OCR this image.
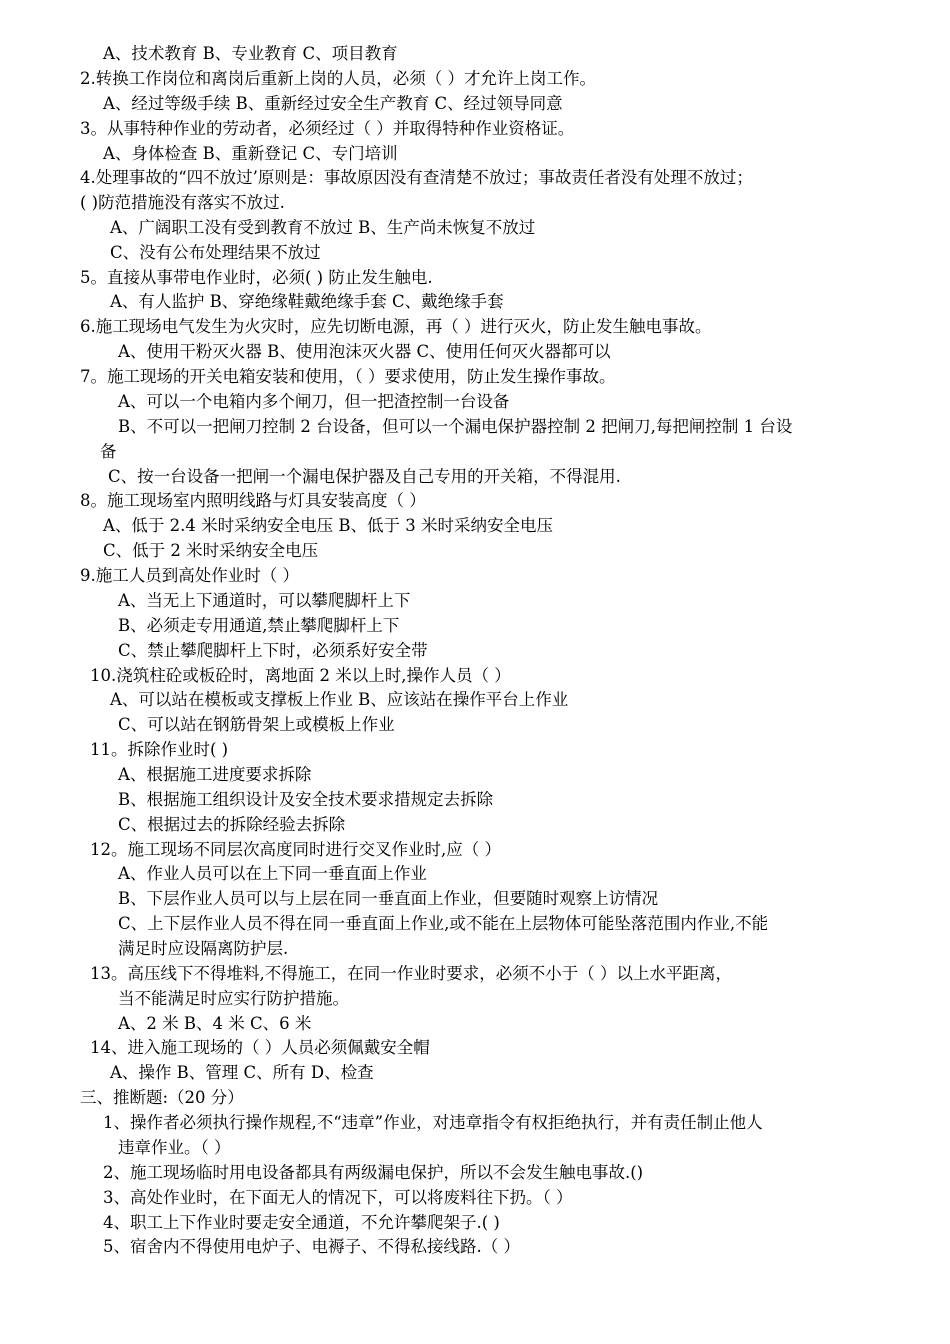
A、技术教育 B、专业教育 C、项目教育
2.转换工作岗位和离岗后重新上岗的人员，必须（ ）才允许上岗工作。
A、经过等级手续 B、重新经过安全生产教育 C、经过领导同意
3。从事特种作业的劳动者，必须经过（ ）并取得特种作业资格证。
A、身体检查 B、重新登记 C、专门培训
4.处理事故的“四不放过’原则是：事故原因没有查清楚不放过；事故责任者没有处理不放过；
( )防范措施没有落实不放过.
A、广阔职工没有受到教育不放过 B、生产尚未恢复不放过
C、没有公布处理结果不放过
5。直接从事带电作业时，必须( ) 防止发生触电.
A、有人监护 B、穿绝缘鞋戴绝缘手套 C、戴绝缘手套
6.施工现场电气发生为火灾时，应先切断电源，再（ ）进行灭火，防止发生触电事故。
A、使用干粉灭火器 B、使用泡沫灭火器 C、使用任何灭火器都可以
7。施工现场的开关电箱安装和使用，（ ）要求使用，防止发生操作事故。
A、可以一个电箱内多个闸刀，但一把渣控制一台设备
B、不可以一把闸刀控制 2 台设备，但可以一个漏电保护器控制 2 把闸刀,每把闸控制 1 台设
备
C、按一台设备一把闸一个漏电保护器及自己专用的开关箱，不得混用.
8。施工现场室内照明线路与灯具安装高度（ ）
A、低于 2.4 米时采纳安全电压 B、低于 3 米时采纳安全电压
C、低于 2 米时采纳安全电压
9.施工人员到高处作业时（ ）
A、当无上下通道时，可以攀爬脚杆上下
B、必须走专用通道,禁止攀爬脚杆上下
C、禁止攀爬脚杆上下时，必须系好安全带
10.浇筑柱砼或板砼时，离地面 2 米以上时,操作人员（ ）
A、可以站在模板或支撑板上作业 B、应该站在操作平台上作业
C、可以站在钢筋骨架上或模板上作业
11。拆除作业时( )
A、根据施工进度要求拆除
B、根据施工组织设计及安全技术要求措规定去拆除
C、根据过去的拆除经验去拆除
12。施工现场不同层次高度同时进行交叉作业时,应（ ）
A、作业人员可以在上下同一垂直面上作业
B、下层作业人员可以与上层在同一垂直面上作业，但要随时观察上访情况
C、上下层作业人员不得在同一垂直面上作业,或不能在上层物体可能坠落范围内作业,不能
满足时应设隔离防护层.
13。高压线下不得堆料,不得施工，在同一作业时要求，必须不小于（ ）以上水平距离，
当不能满足时应实行防护措施。
A、2 米 B、4 米 C、6 米
14、进入施工现场的（ ）人员必须佩戴安全帽
A、操作 B、管理 C、所有 D、检查
三、推断题:（20 分）
1、操作者必须执行操作规程,不“违章”作业，对违章指令有权拒绝执行，并有责任制止他人
违章作业。（ ）
2、施工现场临时用电设备都具有两级漏电保护，所以不会发生触电事故.()
3、高处作业时，在下面无人的情况下，可以将废料往下扔。（ ）
4、职工上下作业时要走安全通道，不允许攀爬架子.( )
5、宿舍内不得使用电炉子、电褥子、不得私接线路.（ ）
